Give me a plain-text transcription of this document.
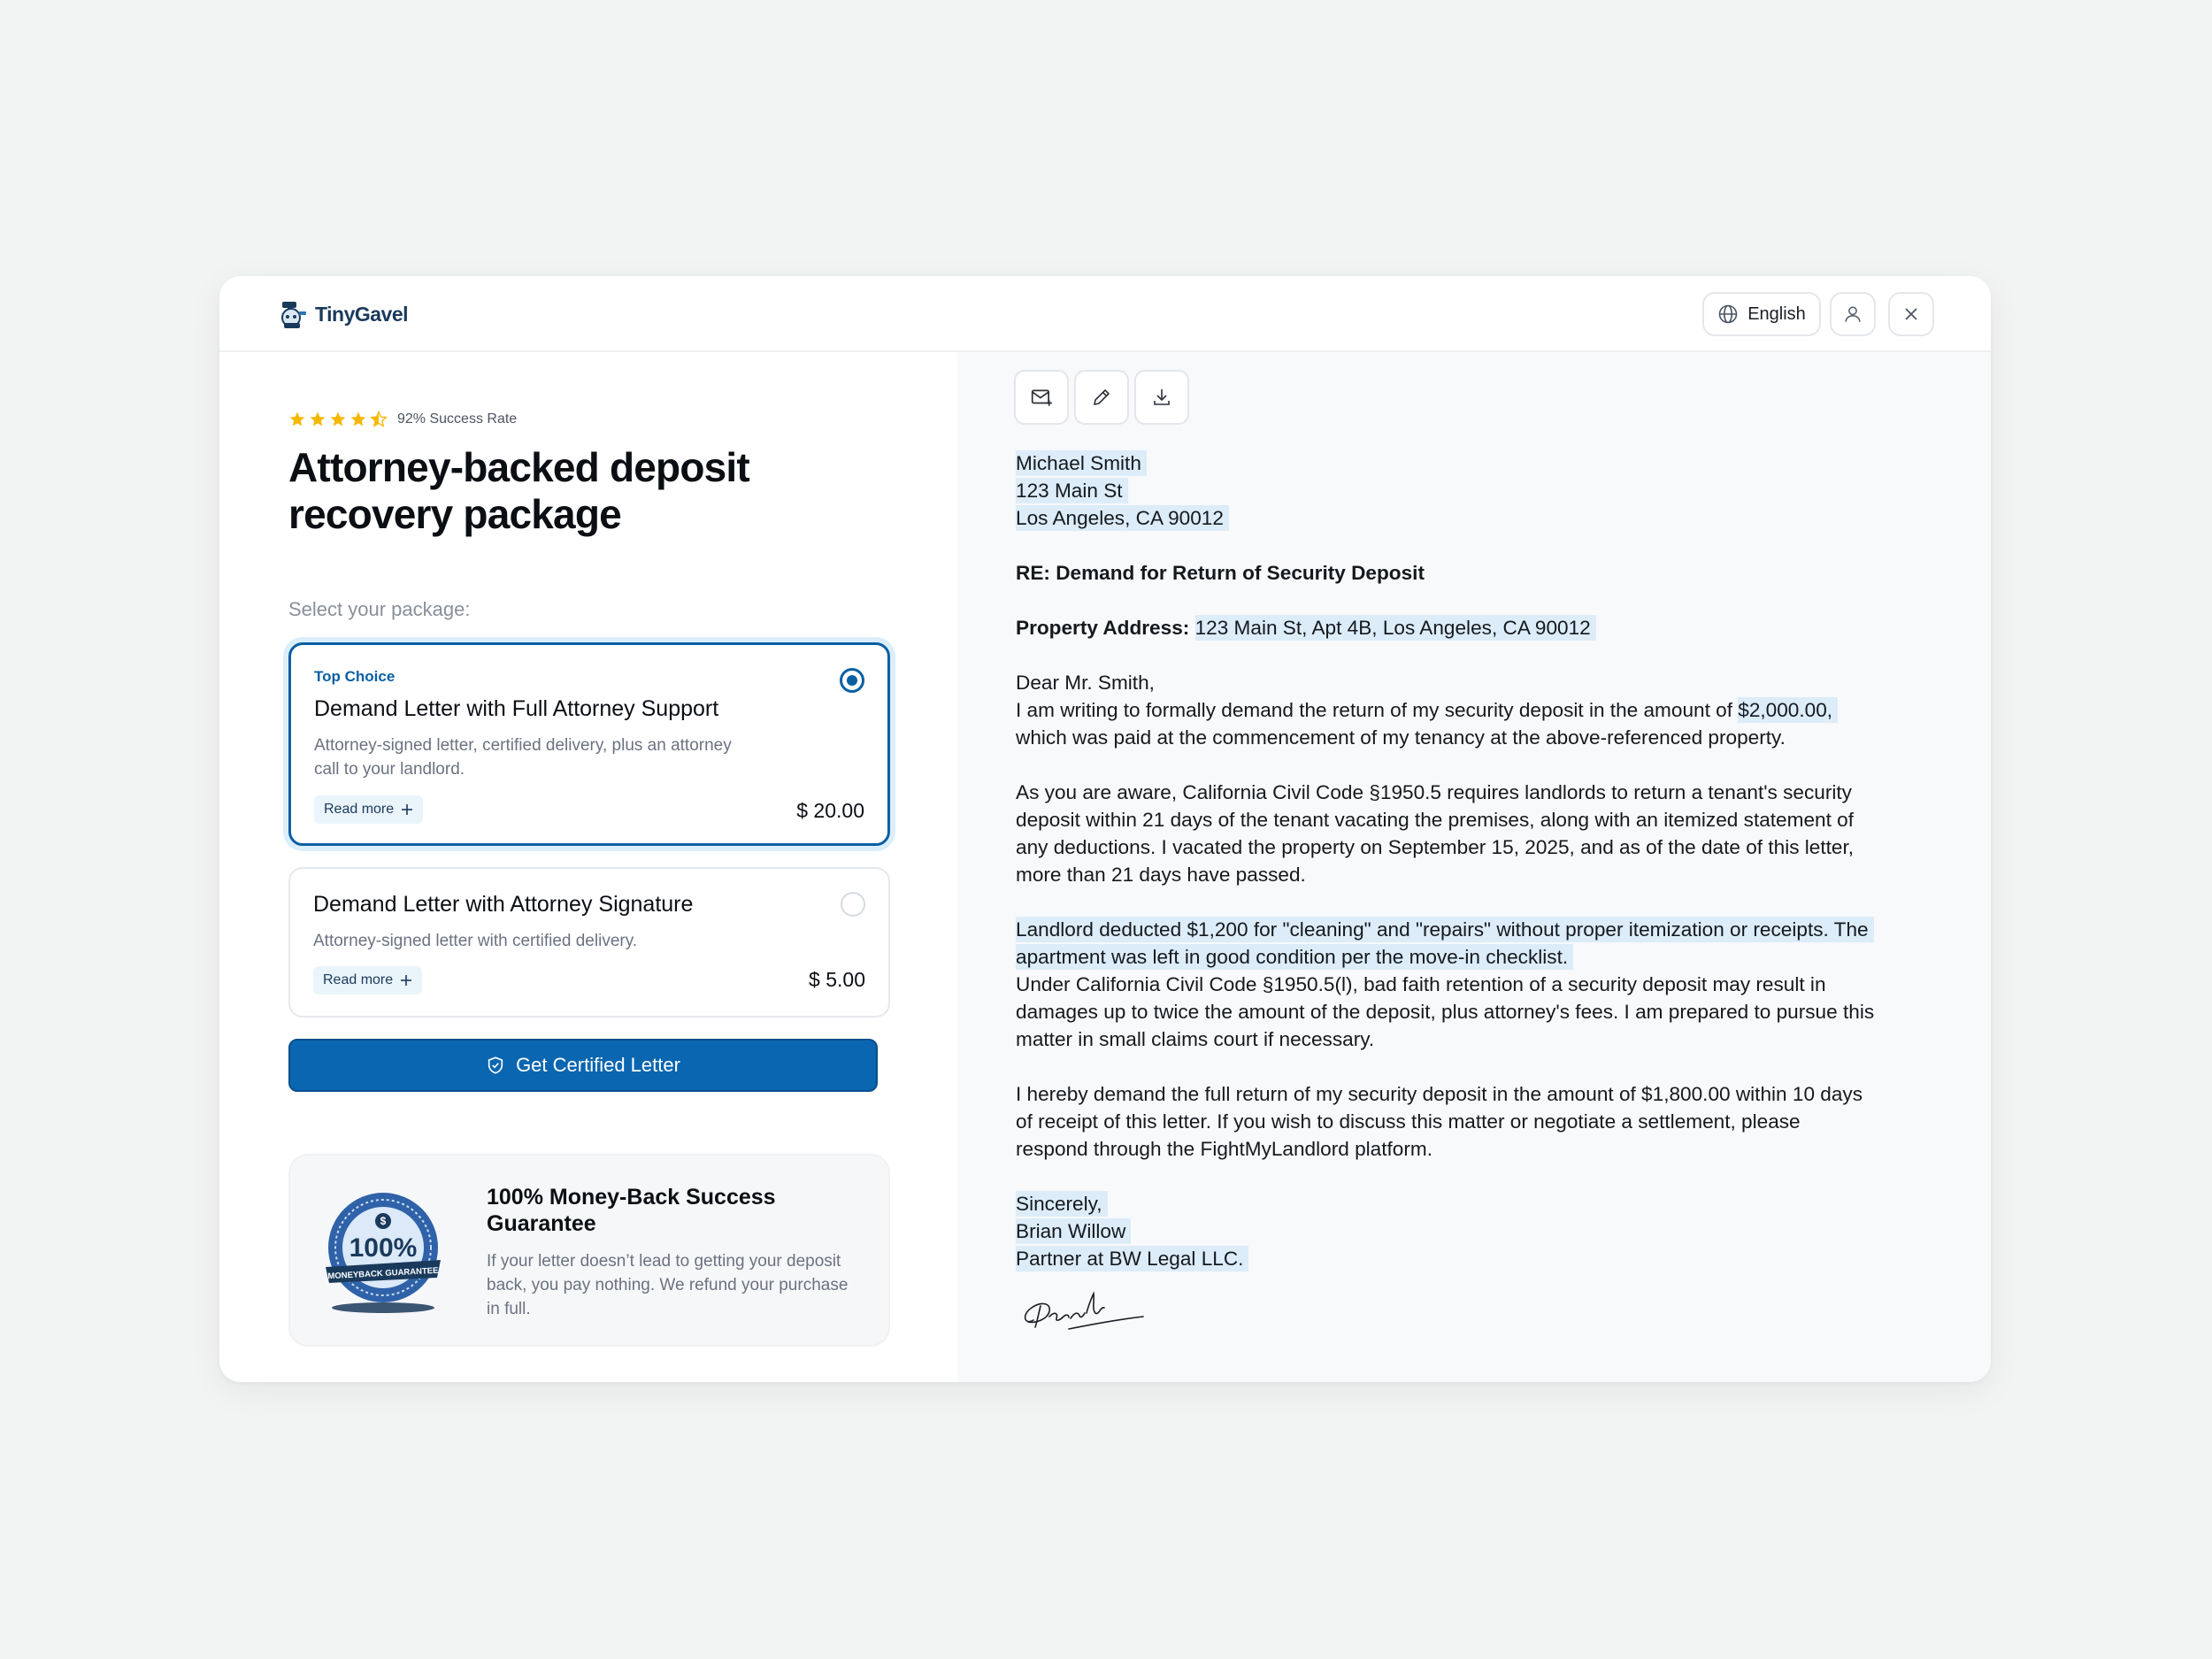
TinyGavel	English
92% Success Rate
Attorney-backed deposit recovery package
Select your package:
Top Choice
Demand Letter with Full Attorney Support
Attorney-signed letter, certified delivery, plus an attorney call to your landlord.
Read more	$ 20.00
Demand Letter with Attorney Signature
Attorney-signed letter with certified delivery.
Read more	$ 5.00
Get Certified Letter
$
100%
MONEYBACK GUARANTEE
100% Money-Back Success Guarantee
If your letter doesn’t lead to getting your deposit back, you pay nothing. We refund your purchase in full.
Michael Smith
123 Main St
Los Angeles, CA 90012
RE: Demand for Return of Security Deposit
Property Address: 123 Main St, Apt 4B, Los Angeles, CA 90012
Dear Mr. Smith,
I am writing to formally demand the return of my security deposit in the amount of $2,000.00,
which was paid at the commencement of my tenancy at the above-referenced property.
As you are aware, California Civil Code §1950.5 requires landlords to return a tenant's security
deposit within 21 days of the tenant vacating the premises, along with an itemized statement of
any deductions. I vacated the property on September 15, 2025, and as of the date of this letter,
more than 21 days have passed.
Landlord deducted $1,200 for "cleaning" and "repairs" without proper itemization or receipts. The
apartment was left in good condition per the move-in checklist.
Under California Civil Code §1950.5(l), bad faith retention of a security deposit may result in
damages up to twice the amount of the deposit, plus attorney's fees. I am prepared to pursue this
matter in small claims court if necessary.
I hereby demand the full return of my security deposit in the amount of $1,800.00 within 10 days
of receipt of this letter. If you wish to discuss this matter or negotiate a settlement, please
respond through the FightMyLandlord platform.
Sincerely,
Brian Willow
Partner at BW Legal LLC.
